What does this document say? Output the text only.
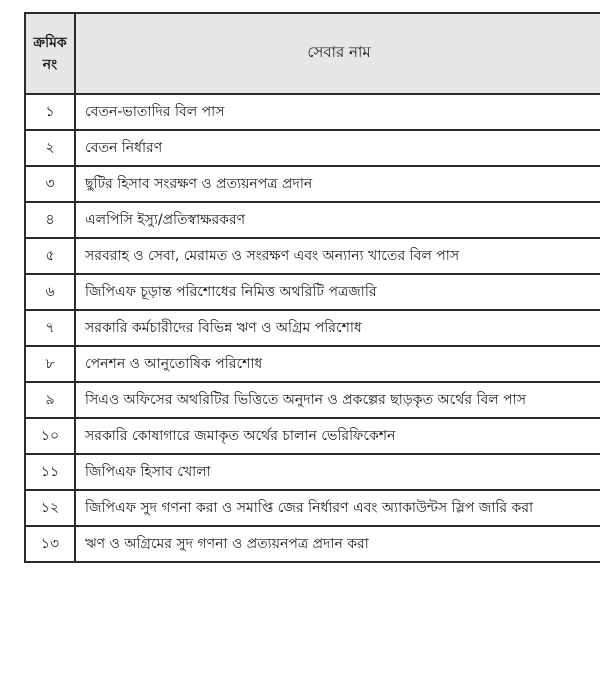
ক্রমিক নং	সেবার নাম
১	বেতন-ভাতাদির বিল পাস
২	বেতন নির্ধারণ
৩	ছুটির হিসাব সংরক্ষণ ও প্রত্যয়নপত্র প্রদান
৪	এলপিসি ইস্যু/প্রতিস্বাক্ষরকরণ
৫	সরবরাহ ও সেবা, মেরামত ও সংরক্ষণ এবং অন্যান্য খাতের বিল পাস
৬	জিপিএফ চূড়ান্ত পরিশোধের নিমিত্ত অথরিটি পত্রজারি
৭	সরকারি কর্মচারীদের বিভিন্ন ঋণ ও অগ্রিম পরিশোধ
৮	পেনশন ও আনুতোষিক পরিশোধ
৯	সিএও অফিসের অথরিটির ভিত্তিতে অনুদান ও প্রকল্পের ছাড়কৃত অর্থের বিল পাস
১০	সরকারি কোষাগারে জমাকৃত অর্থের চালান ভেরিফিকেশন
১১	জিপিএফ হিসাব খোলা
১২	জিপিএফ সুদ গণনা করা ও সমাপ্তি জের নির্ধারণ এবং অ্যাকাউন্টস স্লিপ জারি করা
১৩	ঋণ ও অগ্রিমের সুদ গণনা ও প্রত্যয়নপত্র প্রদান করা
